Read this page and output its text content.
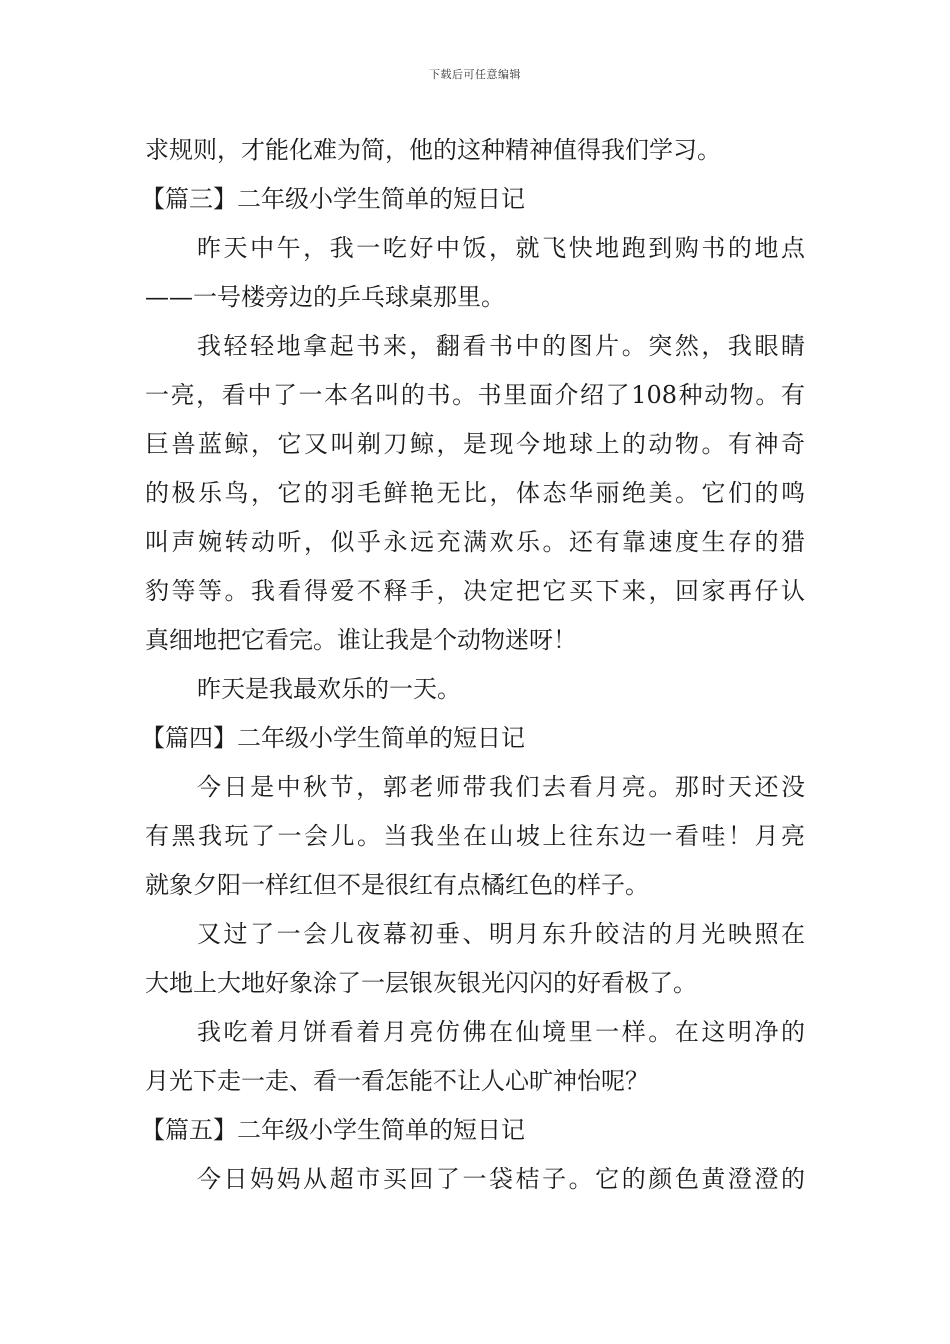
下载后可任意编辑
求规则，才能化难为简，他的这种精神值得我们学习。
【篇三】二年级小学生简单的短日记
昨天中午，我一吃好中饭，就飞快地跑到购书的地点
——一号楼旁边的乒乓球桌那里。
我轻轻地拿起书来，翻看书中的图片。突然，我眼睛
一亮，看中了一本名叫的书。书里面介绍了108种动物。有
巨兽蓝鲸，它又叫剃刀鲸，是现今地球上的动物。有神奇
的极乐鸟，它的羽毛鲜艳无比，体态华丽绝美。它们的鸣
叫声婉转动听，似乎永远充满欢乐。还有靠速度生存的猎
豹等等。我看得爱不释手，决定把它买下来，回家再仔认
真细地把它看完。谁让我是个动物迷呀！
昨天是我最欢乐的一天。
【篇四】二年级小学生简单的短日记
今日是中秋节，郭老师带我们去看月亮。那时天还没
有黑我玩了一会儿。当我坐在山坡上往东边一看哇！月亮
就象夕阳一样红但不是很红有点橘红色的样子。
又过了一会儿夜幕初垂、明月东升皎洁的月光映照在
大地上大地好象涂了一层银灰银光闪闪的好看极了。
我吃着月饼看着月亮仿佛在仙境里一样。在这明净的
月光下走一走、看一看怎能不让人心旷神怡呢？
【篇五】二年级小学生简单的短日记
今日妈妈从超市买回了一袋桔子。它的颜色黄澄澄的
